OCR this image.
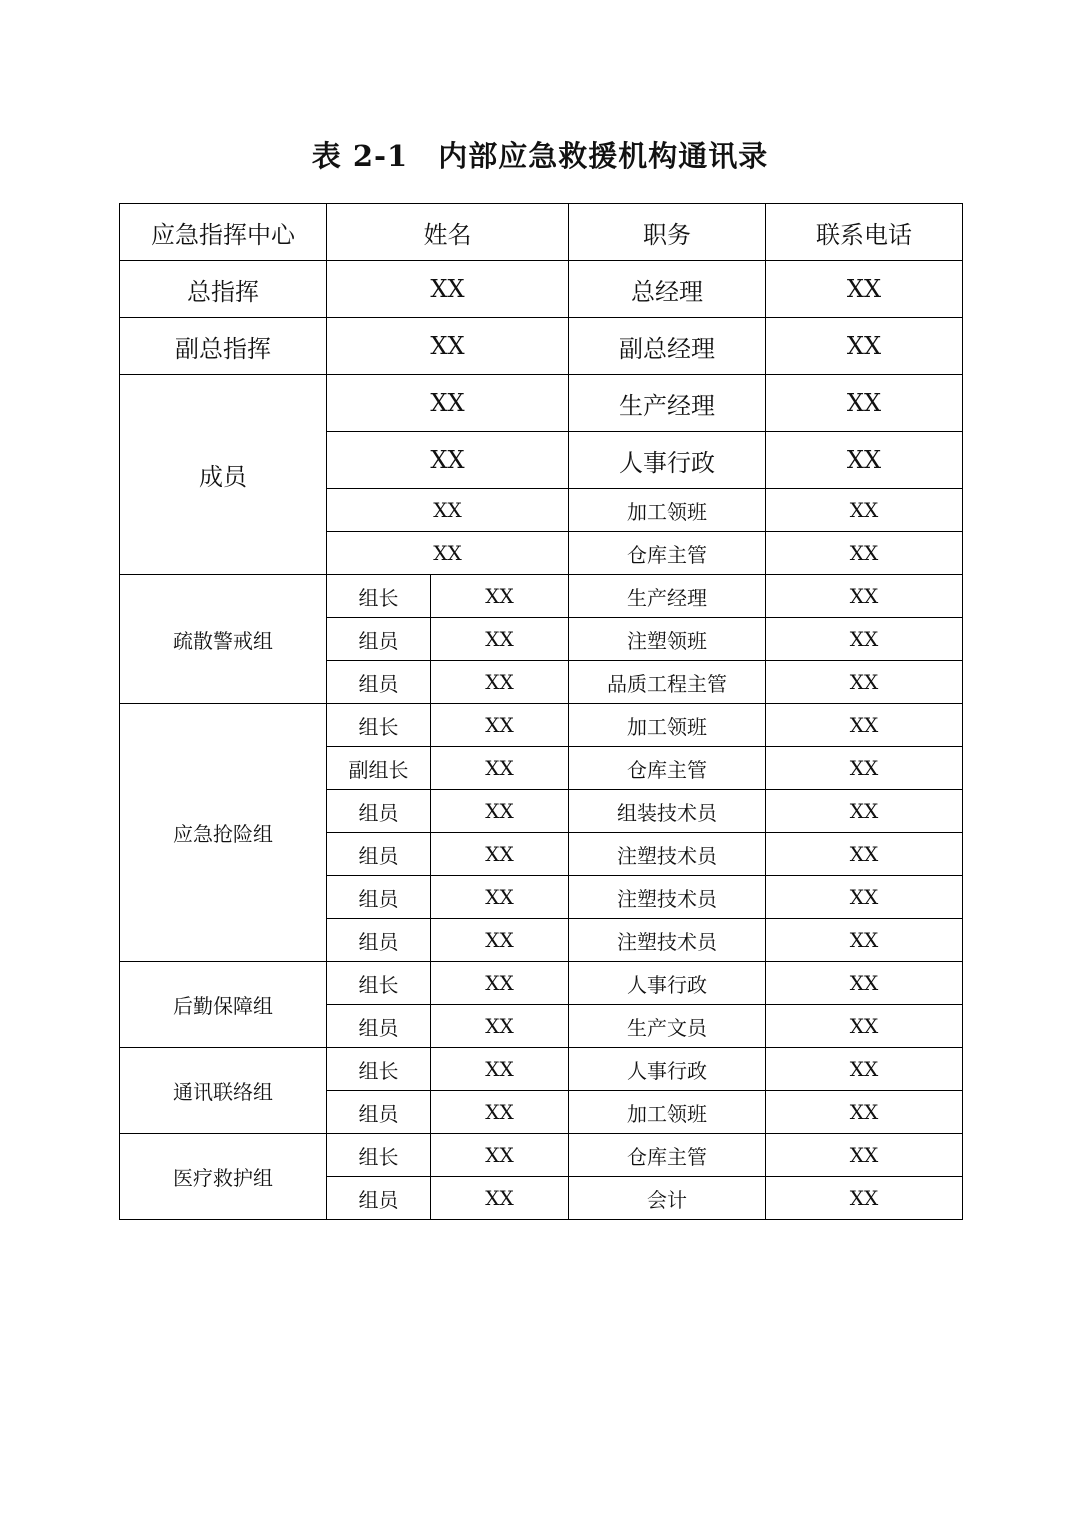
表 2-1 内部应急救援机构通讯录
应急指挥中心	姓名		职务	联系电话
总指挥	XX		总经理	XX
副总指挥	XX		副总经理	XX
成员	XX		生产经理	XX
	XX		人事行政	XX
	XX		加工领班	XX
	XX		仓库主管	XX
疏散警戒组	组长	XX	生产经理	XX
	组员	XX	注塑领班	XX
	组员	XX	品质工程主管	XX
应急抢险组	组长	XX	加工领班	XX
	副组长	XX	仓库主管	XX
	组员	XX	组装技术员	XX
	组员	XX	注塑技术员	XX
	组员	XX	注塑技术员	XX
	组员	XX	注塑技术员	XX
后勤保障组	组长	XX	人事行政	XX
	组员	XX	生产文员	XX
通讯联络组	组长	XX	人事行政	XX
	组员	XX	加工领班	XX
医疗救护组	组长	XX	仓库主管	XX
	组员	XX	会计	XX
